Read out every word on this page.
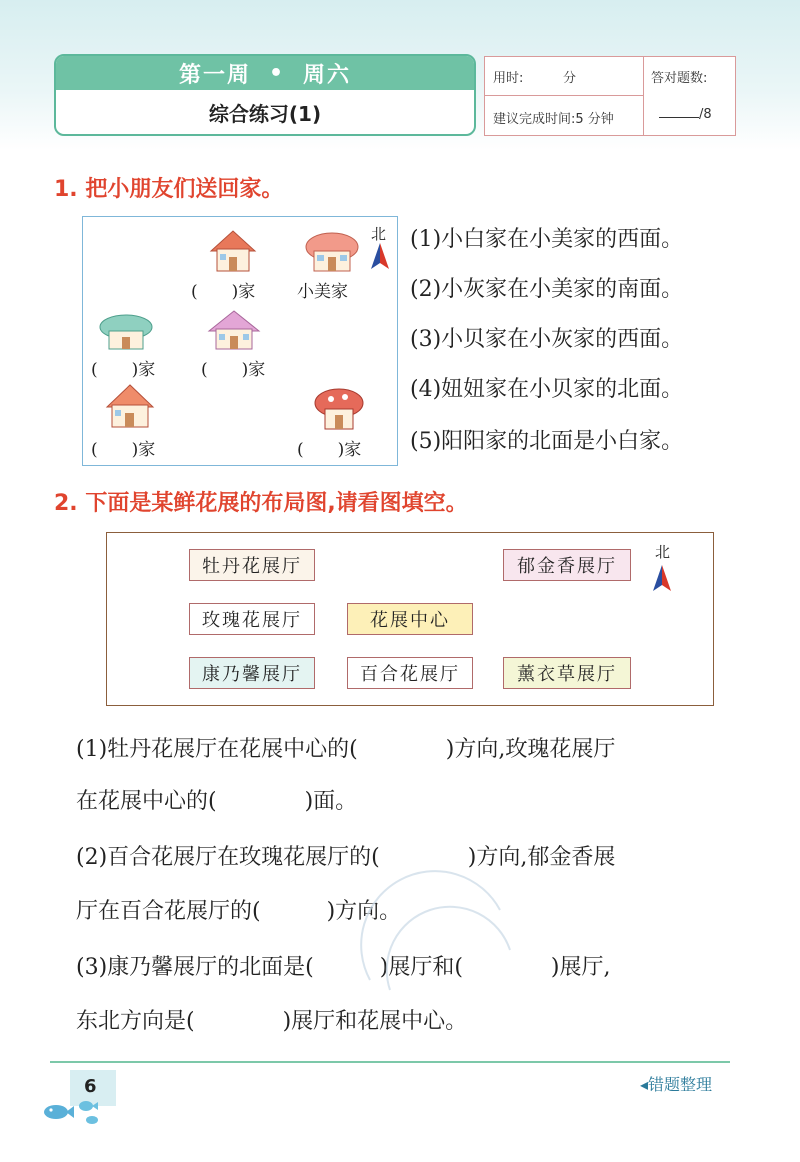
第一周 • 周六
综合练习(1)
用时:	分
建议完成时间:5 分钟
答对题数:
/8
1. 把小朋友们送回家。
北
(　　)家 小美家
(　　)家	(　　)家
(　　)家	(　　)家
(1)小白家在小美家的西面。
(2)小灰家在小美家的南面。
(3)小贝家在小灰家的西面。
(4)妞妞家在小贝家的北面。
(5)阳阳家的北面是小白家。
2. 下面是某鲜花展的布局图,请看图填空。
牡丹花展厅	郁金香展厅
玫瑰花展厅	花展中心
康乃馨展厅	百合花展厅	薰衣草展厅
北
(1)牡丹花展厅在花展中心的(　　　　)方向,玫瑰花展厅
在花展中心的(　　　　)面。
(2)百合花展厅在玫瑰花展厅的(　　　　)方向,郁金香展
厅在百合花展厅的(　　　)方向。
(3)康乃馨展厅的北面是(　　　)展厅和(　　　　)展厅,
东北方向是(　　　　)展厅和花展中心。
6	◂错题整理
